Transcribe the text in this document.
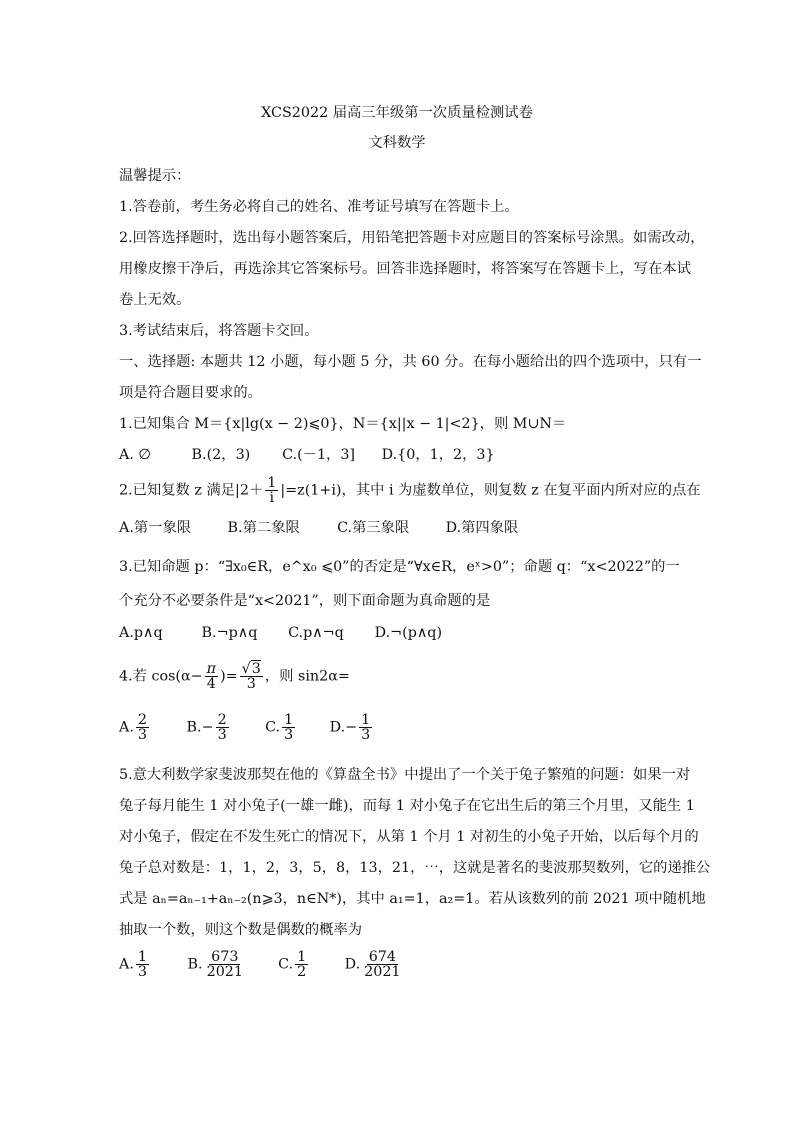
XCS2022 届高三年级第一次质量检测试卷
文科数学
温馨提示：
1.答卷前，考生务必将自己的姓名、准考证号填写在答题卡上。
2.回答选择题时，选出每小题答案后，用铅笔把答题卡对应题目的答案标号涂黑。如需改动，
用橡皮擦干净后，再选涂其它答案标号。回答非选择题时，将答案写在答题卡上，写在本试
卷上无效。
3.考试结束后，将答题卡交回。
一、选择题: 本题共 12 小题，每小题 5 分，共 60 分。在每小题给出的四个选项中，只有一
项是符合题目要求的。
1.已知集合 M＝{x|lg(x − 2)⩽0}，N＝{x||x − 1|<2}，则 M∪N＝
A. ∅	B.(2，3) C.(－1，3] D.{0，1，2，3}
2.已知复数 z 满足$|2+ \frac{1}{i} |=z(1+i)$，其中 i 为虚数单位，则复数 z 在复平面内所对应的点在
A.第一象限	B.第二象限	C.第三象限	D.第四象限
3.已知命题 p：“∃x₀∈R，e^x₀ ⩽0”的否定是“∀x∈R，eˣ>0”；命题 q：“x<2022”的一
个充分不必要条件是“x<2021”，则下面命题为真命题的是
A.p∧q	B.¬p∧q C.p∧¬q D.¬(p∧q)
4.若 $\cos(\alpha- \frac{\pi}{4}$ )= $\frac{√3}{3}$ ，则 sin2α=
A. $\frac{2}{3}$	$B.- \frac{2}{3}$	C. $\frac{1}{3} D.- \frac{1}{3}$
5.意大利数学家斐波那契在他的《算盘全书》中提出了一个关于兔子繁殖的问题：如果一对
兔子每月能生 1 对小兔子(一雄一雌)，而每 1 对小兔子在它出生后的第三个月里，又能生 1
对小兔子，假定在不发生死亡的情况下，从第 1 个月 1 对初生的小兔子开始，以后每个月的
兔子总对数是：1，1，2，3，5，8，13，21，⋯，这就是著名的斐波那契数列，它的递推公
式是 aₙ=aₙ₋₁+aₙ₋₂(n⩾3，n∈N*)，其中 a₁=1，a₂=1。若从该数列的前 2021 项中随机地
抽取一个数，则这个数是偶数的概率为
A. $\frac{1}{3}$	B. $\frac{673}{2021} C$. $\frac{1}{2}$	D. $\frac{674}{2021}$
